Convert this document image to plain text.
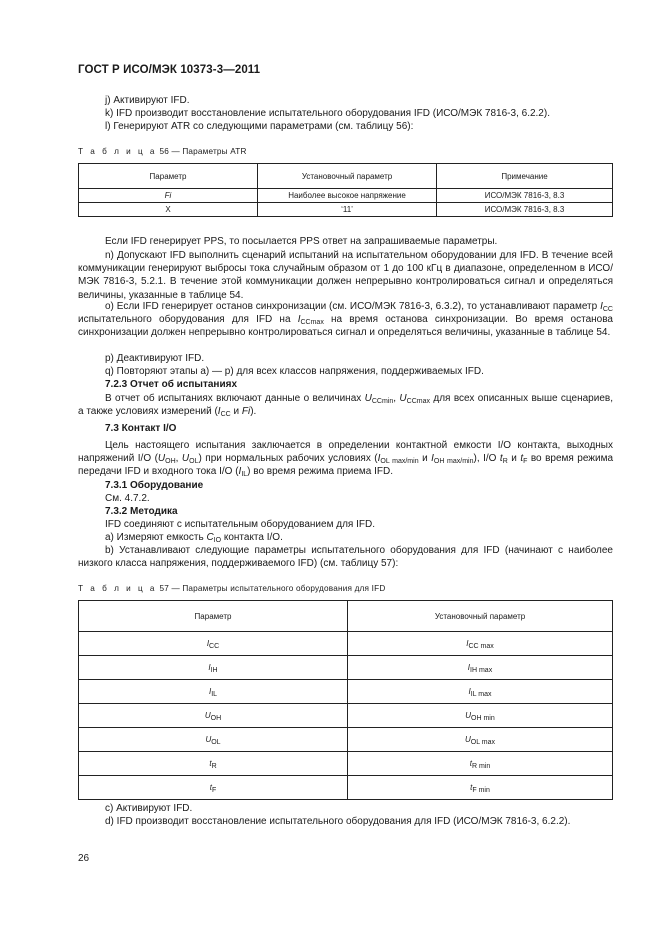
ГОСТ Р ИСО/МЭК 10373-3—2011
j) Активируют IFD.
k) IFD производит восстановление испытательного оборудования IFD (ИСО/МЭК 7816-3, 6.2.2).
l) Генерируют ATR со следующими параметрами (см. таблицу 56):
Т а б л и ц а 56 — Параметры ATR
Параметр	Установочный параметр	Примечание
Fi	Наиболее высокое напряжение	ИСО/МЭК 7816-3, 8.3
X	‘11’	ИСО/МЭК 7816-3, 8.3
Если IFD генерирует PPS, то посылается PPS ответ на запрашиваемые параметры.
n) Допускают IFD выполнить сценарий испытаний на испытательном оборудовании для IFD. В течение всей коммуникации генерируют выбросы тока случайным образом от 1 до 100 кГц в диапазоне, определенном в ИСО/МЭК 7816-3, 5.2.1. В течение этой коммуникации должен непрерывно контролироваться сигнал и определяться величины, указанные в таблице 54.
o) Если IFD генерирует останов синхронизации (см. ИСО/МЭК 7816-3, 6.3.2), то устанавливают параметр $I_{CC}$ испытательного оборудования для IFD на $I_{CCmax}$ на время останова синхронизации. Во время останова синхронизации должен непрерывно контролироваться сигнал и определяться величины, указанные в таблице 54.
p) Деактивируют IFD.
q) Повторяют этапы а) — р) для всех классов напряжения, поддерживаемых IFD.
7.2.3 Отчет об испытаниях
В отчет об испытаниях включают данные о величинах $U_{CCmin}$, $U_{CCmax}$ для всех описанных выше сценариев, а также условиях измерений ($I_{CC}$ и Fi).
7.3 Контакт I/O
Цель настоящего испытания заключается в определении контактной емкости I/O контакта, выходных напряжений I/O ($U_{OH}$, $U_{OL}$) при нормальных рабочих условиях ($I_{OL max/min}$ и $I_{OH max/min}$), I/O $t_R$ и $t_F$ во время режима передачи IFD и входного тока I/O $(I_{IL})$ во время режима приема IFD.
7.3.1 Оборудование
См. 4.7.2.
7.3.2 Методика
IFD соединяют с испытательным оборудованием для IFD.
a) Измеряют емкость $C_{IO}$ контакта I/O.
b) Устанавливают следующие параметры испытательного оборудования для IFD (начинают с наиболее низкого класса напряжения, поддерживаемого IFD) (см. таблицу 57):
Т а б л и ц а 57 — Параметры испытательного оборудования для IFD
Параметр	Установочный параметр
$I_{CC}$	$I_{CC max}$
$I_{IH}$	$I_{IH max}$
$I_{IL}$	$I_{IL max}$
$U_{OH}$	$U_{OH min}$
$U_{OL}$	$U_{OL max}$
$t_R$	$t_{R min}$
$t_F$	$t_{F min}$
c) Активируют IFD.
d) IFD производит восстановление испытательного оборудования для IFD (ИСО/МЭК 7816-3, 6.2.2).
26
